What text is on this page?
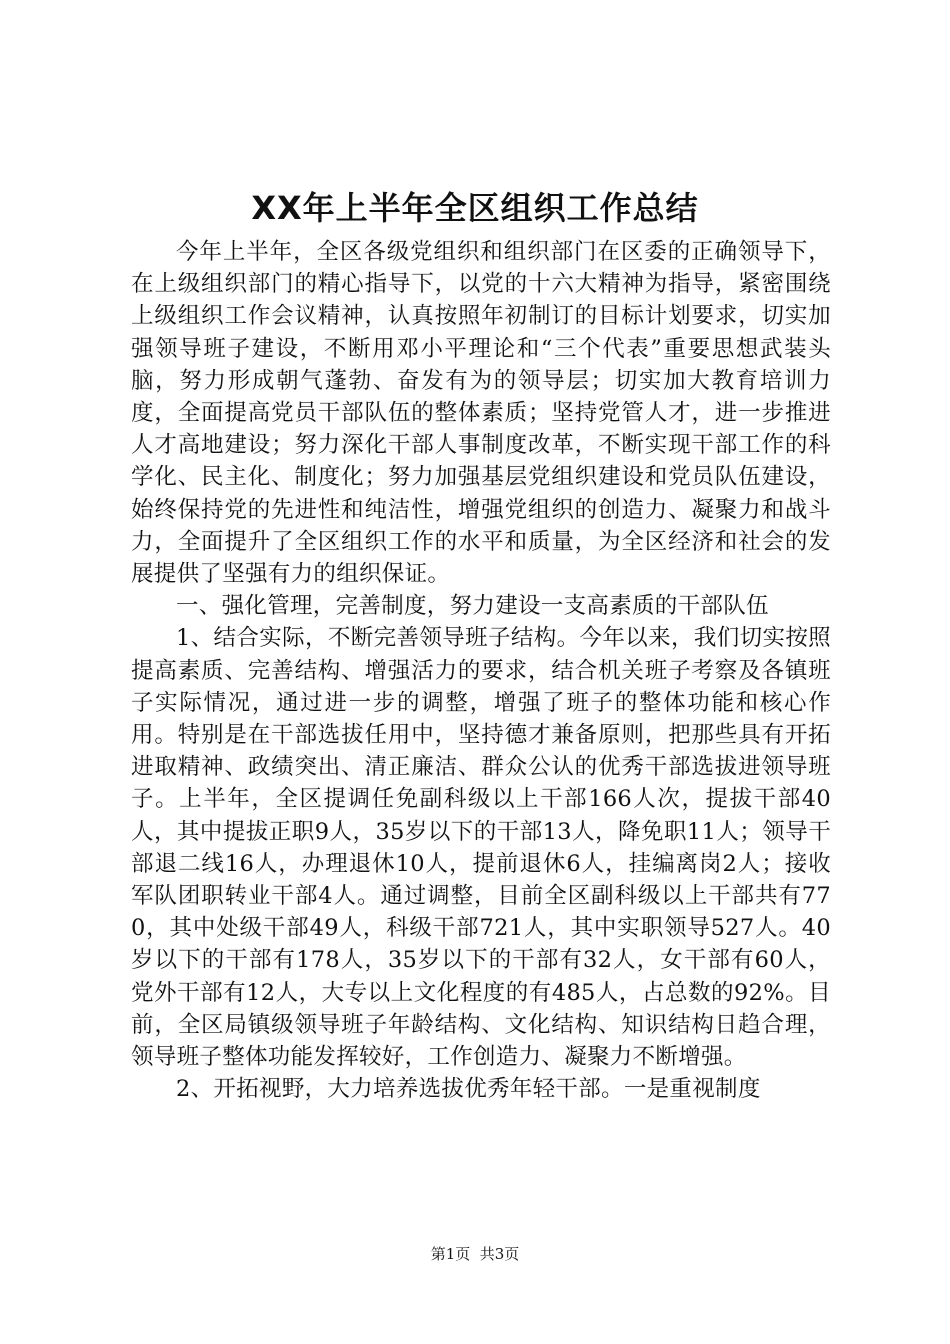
XX年上半年全区组织工作总结

今年上半年，全区各级党组织和组织部门在区委的正确领导下，在上级组织部门的精心指导下，以党的十六大精神为指导，紧密围绕上级组织工作会议精神，认真按照年初制订的目标计划要求，切实加强领导班子建设，不断用邓小平理论和“三个代表”重要思想武装头脑，努力形成朝气蓬勃、奋发有为的领导层；切实加大教育培训力度，全面提高党员干部队伍的整体素质；坚持党管人才，进一步推进人才高地建设；努力深化干部人事制度改革，不断实现干部工作的科学化、民主化、制度化；努力加强基层党组织建设和党员队伍建设，始终保持党的先进性和纯洁性，增强党组织的创造力、凝聚力和战斗力，全面提升了全区组织工作的水平和质量，为全区经济和社会的发展提供了坚强有力的组织保证。

一、强化管理，完善制度，努力建设一支高素质的干部队伍

1、结合实际，不断完善领导班子结构。今年以来，我们切实按照提高素质、完善结构、增强活力的要求，结合机关班子考察及各镇班子实际情况，通过进一步的调整，增强了班子的整体功能和核心作用。特别是在干部选拔任用中，坚持德才兼备原则，把那些具有开拓进取精神、政绩突出、清正廉洁、群众公认的优秀干部选拔进领导班子。上半年，全区提调任免副科级以上干部166人次，提拔干部40人，其中提拔正职9人，35岁以下的干部13人，降免职11人；领导干部退二线16人，办理退休10人，提前退休6人，挂编离岗2人；接收军队团职转业干部4人。通过调整，目前全区副科级以上干部共有770，其中处级干部49人，科级干部721人，其中实职领导527人。40岁以下的干部有178人，35岁以下的干部有32人，女干部有60人，党外干部有12人，大专以上文化程度的有485人，占总数的92%。目前，全区局镇级领导班子年龄结构、文化结构、知识结构日趋合理，领导班子整体功能发挥较好，工作创造力、凝聚力不断增强。

2、开拓视野，大力培养选拔优秀年轻干部。一是重视制度

第1页  共3页
